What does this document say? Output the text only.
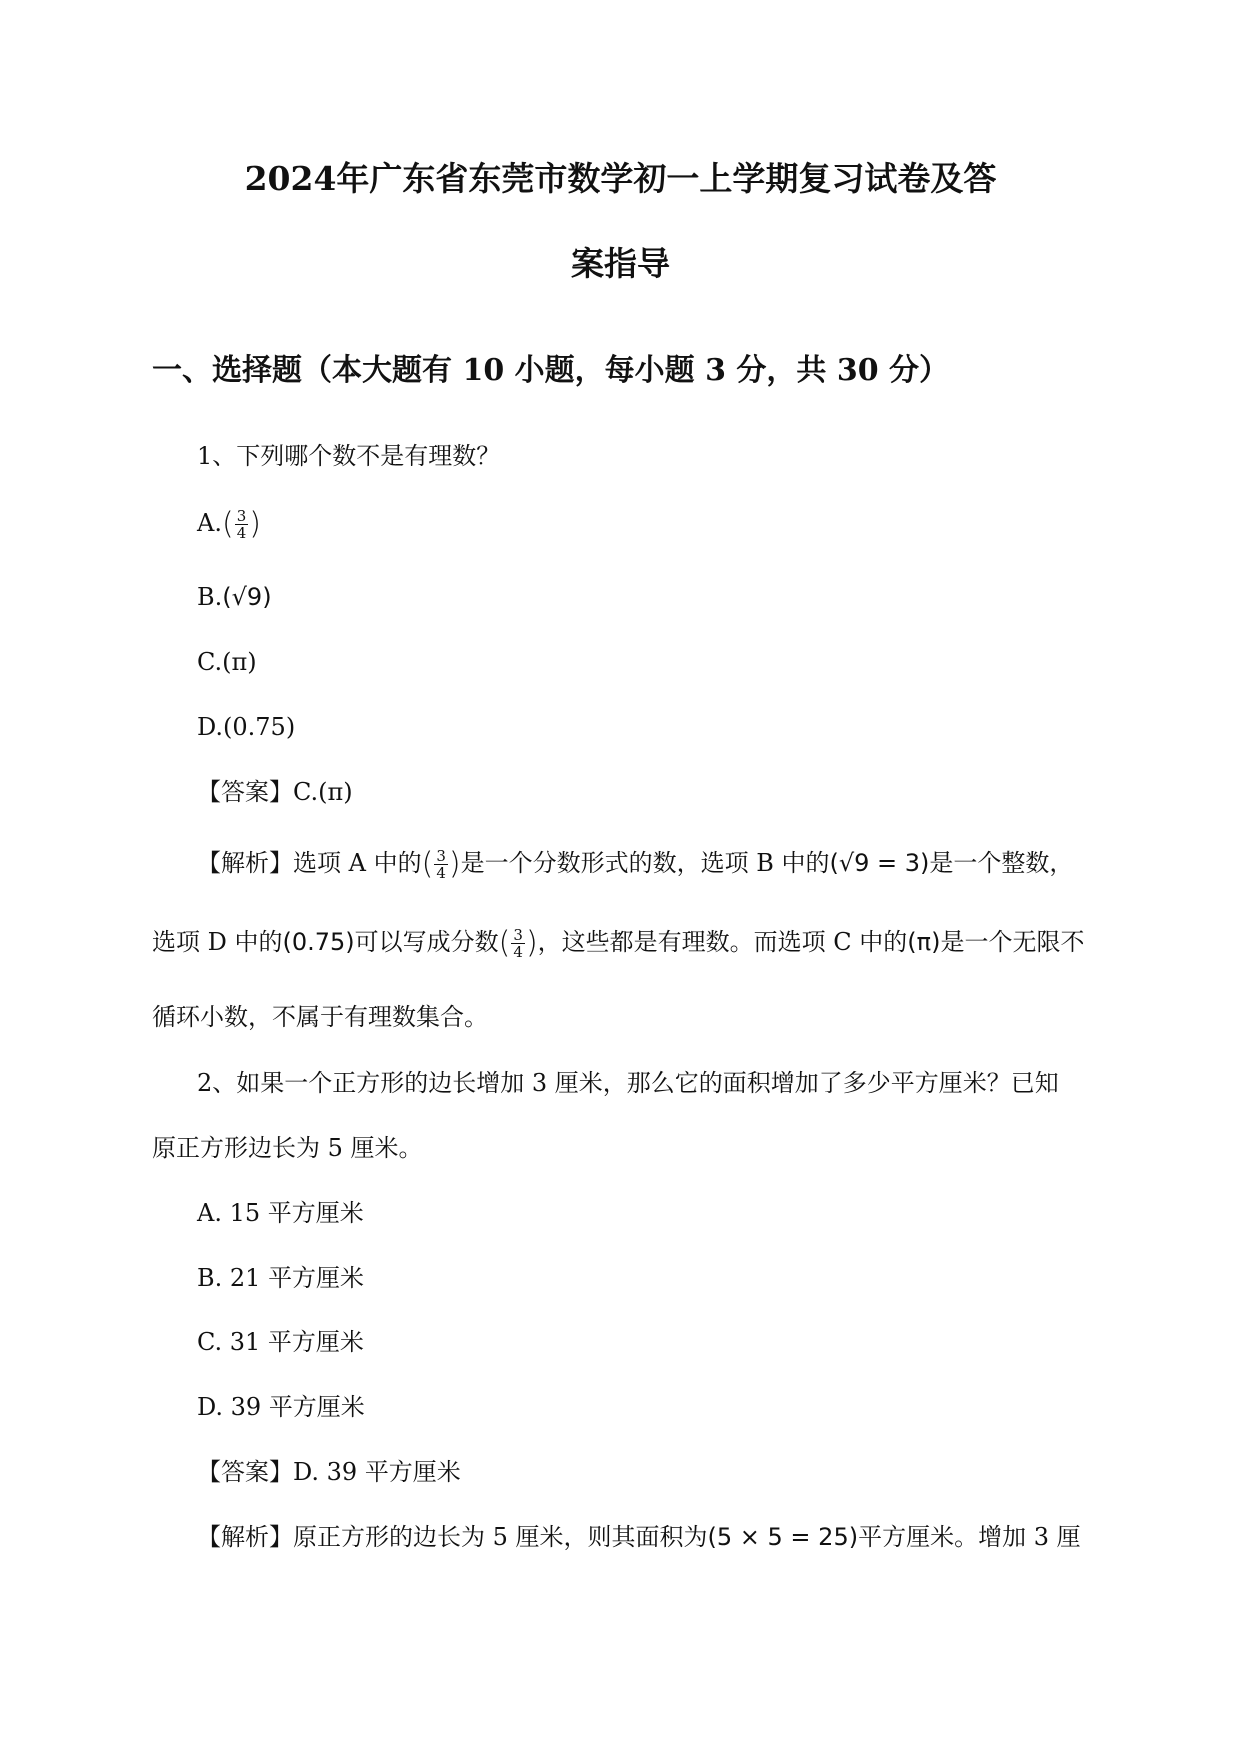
2024年广东省东莞市数学初一上学期复习试卷及答
案指导
一、选择题（本大题有 10 小题，每小题 3 分，共 30 分）
1、下列哪个数不是有理数？
$A.( \frac{3}{4}$ )
B.(√9)
C.(π)
D.(0.75)
【答案】C.(π)
【解析】选项 A 中的( $\frac{3}{4}$ )是一个分数形式的数，选项 B 中的(√9 = 3)是一个整数，
选项 D 中的(0.75)可以写成分数( $\frac{3}{4}$ )，这些都是有理数。而选项 C 中的(π)是一个无限不
循环小数，不属于有理数集合。
2、如果一个正方形的边长增加 3 厘米，那么它的面积增加了多少平方厘米？已知
原正方形边长为 5 厘米。
A. 15 平方厘米
B. 21 平方厘米
C. 31 平方厘米
D. 39 平方厘米
【答案】D. 39 平方厘米
【解析】原正方形的边长为 5 厘米，则其面积为(5 × 5 = 25)平方厘米。增加 3 厘
